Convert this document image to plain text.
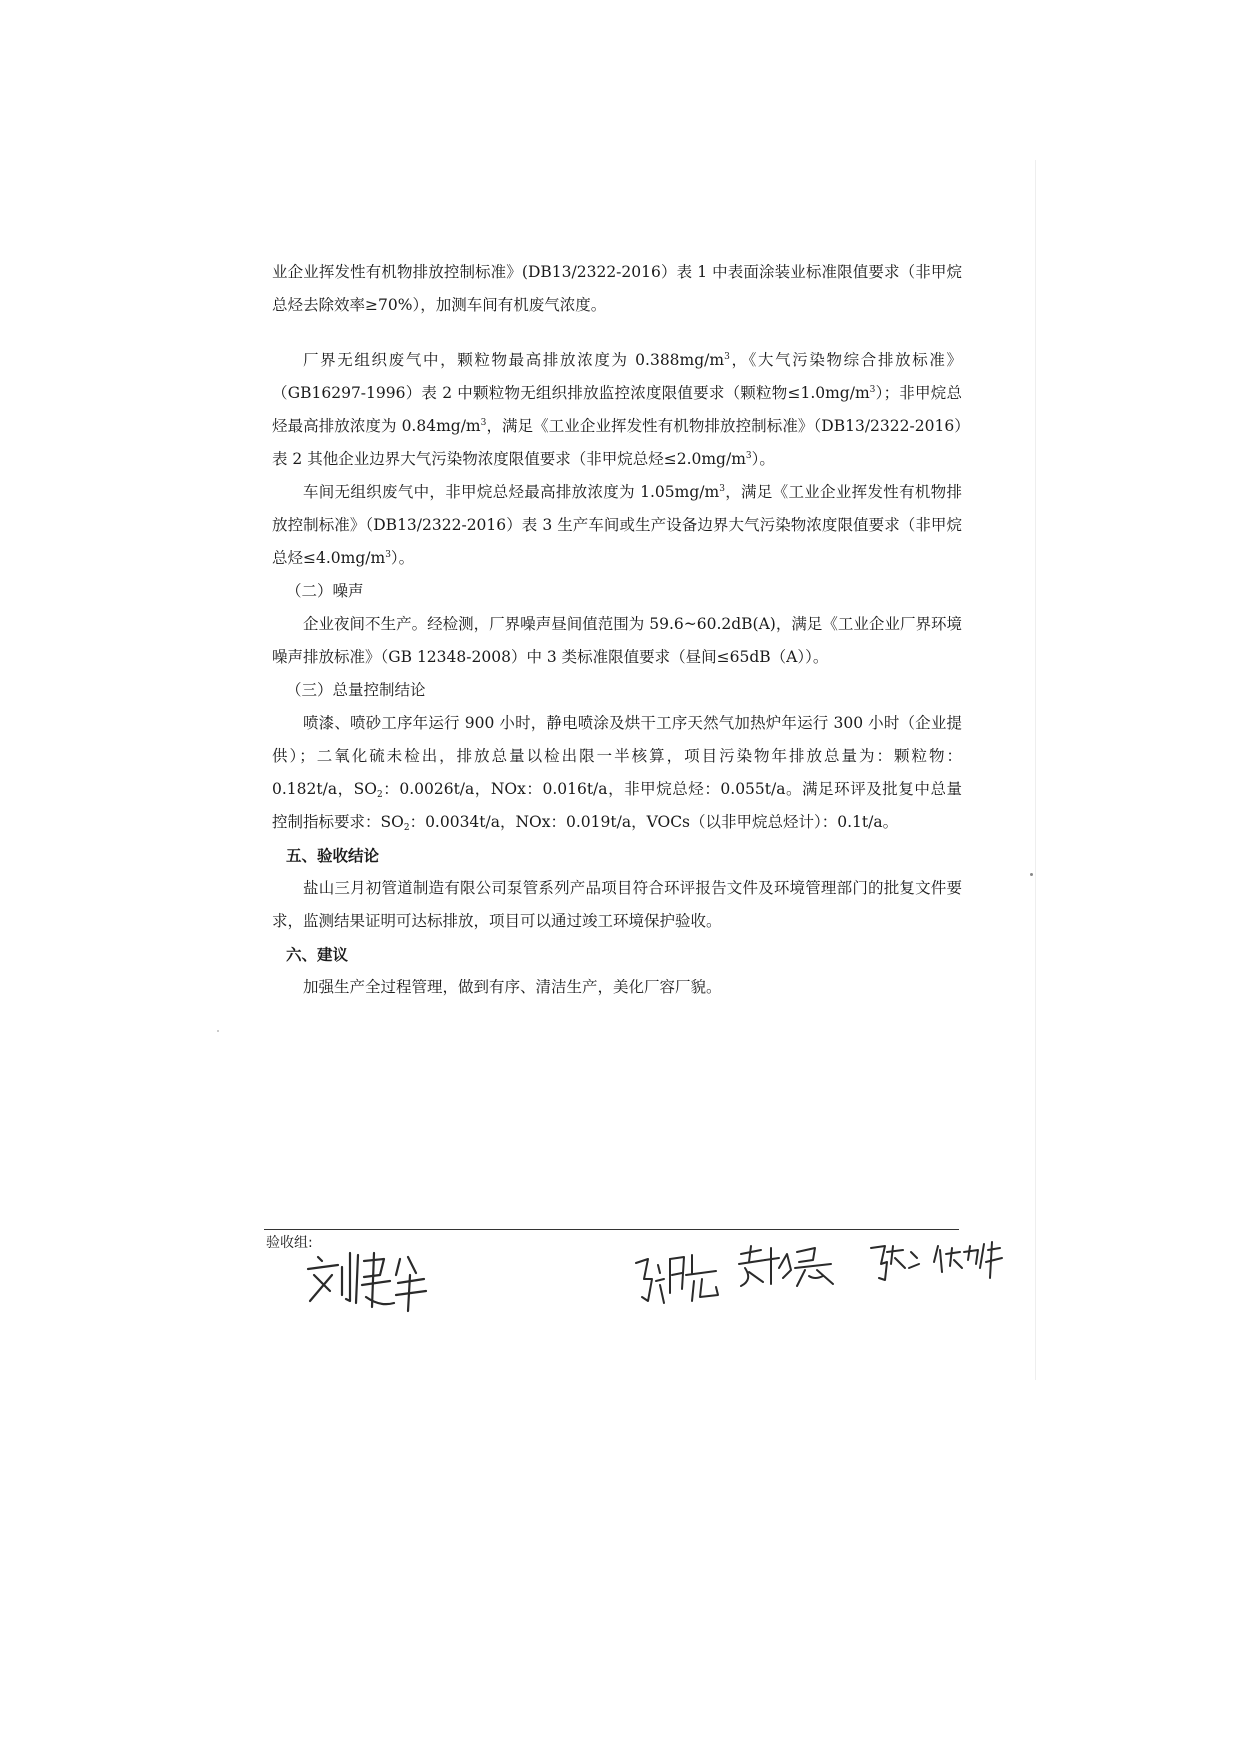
业企业挥发性有机物排放控制标准》(DB13/2322-2016）表 1 中表面涂装业标准限值要求（非甲烷总烃去除效率≥70%），加测车间有机废气浓度。

厂界无组织废气中，颗粒物最高排放浓度为 $0.388mg/m^3$，《大气污染物综合排放标准》（GB16297-1996）表 2 中颗粒物无组织排放监控浓度限值要求（颗粒物$\le 1.0mg/m^3$）；非甲烷总烃最高排放浓度为 $0.84mg/m^3$，满足《工业企业挥发性有机物排放控制标准》（DB13/2322-2016）表 2 其他企业边界大气污染物浓度限值要求（非甲烷总烃$\le 2.0mg/m^3$）。

车间无组织废气中，非甲烷总烃最高排放浓度为 $1.05mg/m^3$，满足《工业企业挥发性有机物排放控制标准》（DB13/2322-2016）表 3 生产车间或生产设备边界大气污染物浓度限值要求（非甲烷总烃$\le 4.0mg/m^3$）。

（二）噪声

企业夜间不生产。经检测，厂界噪声昼间值范围为 59.6~60.2dB(A)，满足《工业企业厂界环境噪声排放标准》（GB 12348-2008）中 3 类标准限值要求（昼间≤65dB（A））。

（三）总量控制结论

喷漆、喷砂工序年运行 900 小时，静电喷涂及烘干工序天然气加热炉年运行 300 小时（企业提供）；二氧化硫未检出，排放总量以检出限一半核算，项目污染物年排放总量为：颗粒物：0.182t/a，$SO_2$：0.0026t/a，NOx：0.016t/a，非甲烷总烃：0.055t/a。满足环评及批复中总量控制指标要求：$SO_2$：0.0034t/a，NOx：0.019t/a，VOCs（以非甲烷总烃计）：0.1t/a。

五、验收结论

盐山三月初管道制造有限公司泵管系列产品项目符合环评报告文件及环境管理部门的批复文件要求，监测结果证明可达标排放，项目可以通过竣工环境保护验收。

六、建议

加强生产全过程管理，做到有序、清洁生产，美化厂容厂貌。

验收组:
